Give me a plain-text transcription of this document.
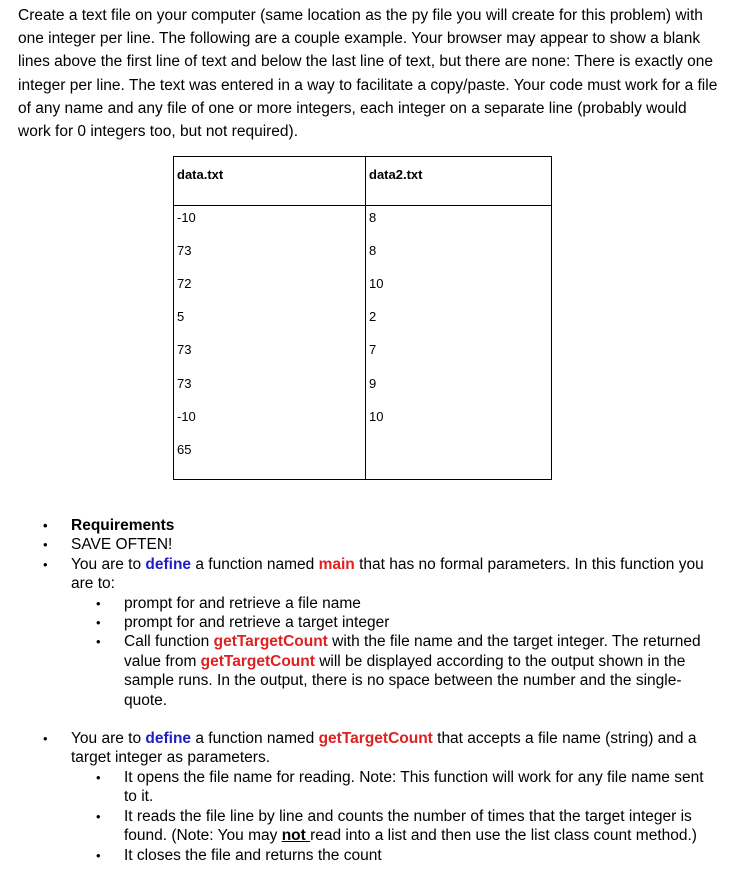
Create a text file on your computer (same location as the py file you will create for this problem) with one integer per line. The following are a couple example. Your browser may appear to show a blank lines above the first line of text and below the last line of text, but there are none: There is exactly one integer per line. The text was entered in a way to facilitate a copy/paste. Your code must work for a file of any name and any file of one or more integers, each integer on a separate line (probably would work for 0 integers too, but not required).

data.txt
-10
73
72
5
73
73
-10
65
data2.txt
8
8
10
2
7
9
10
• Requirements
• SAVE OFTEN!
• You are to define a function named main that has no formal parameters. In this function you are to:
• prompt for and retrieve a file name
• prompt for and retrieve a target integer
• Call function getTargetCount with the file name and the target integer. The returned value from getTargetCount will be displayed according to the output shown in the sample runs. In the output, there is no space between the number and the single-quote.
• You are to define a function named getTargetCount that accepts a file name (string) and a target integer as parameters.
• It opens the file name for reading. Note: This function will work for any file name sent to it.
• It reads the file line by line and counts the number of times that the target integer is found. (Note: You may not read into a list and then use the list class count method.)
• It closes the file and returns the count
